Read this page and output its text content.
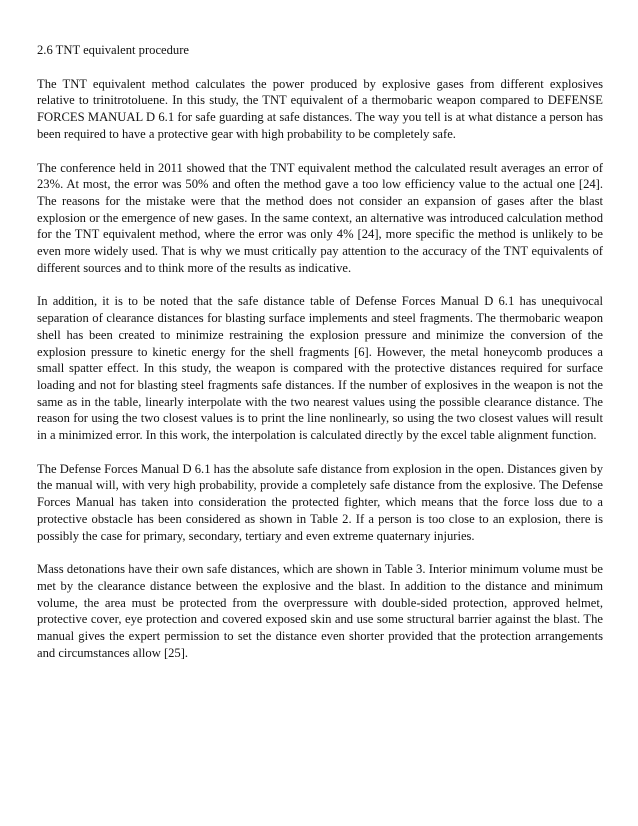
2.6 TNT equivalent procedure

The TNT equivalent method calculates the power produced by explosive gases from different explosives relative to trinitrotoluene. In this study, the TNT equivalent of a thermobaric weapon compared to DEFENSE FORCES MANUAL D 6.1 for safe guarding at safe distances. The way you tell is at what distance a person has been required to have a protective gear with high probability to be completely safe.

The conference held in 2011 showed that the TNT equivalent method the calculated result averages an error of 23%. At most, the error was 50% and often the method gave a too low efficiency value to the actual one [24]. The reasons for the mistake were that the method does not consider an expansion of gases after the blast explosion or the emergence of new gases. In the same context, an alternative was introduced calculation method for the TNT equivalent method, where the error was only 4% [24], more specific the method is unlikely to be even more widely used. That is why we must critically pay attention to the accuracy of the TNT equivalents of different sources and to think more of the results as indicative.

In addition, it is to be noted that the safe distance table of Defense Forces Manual D 6.1 has unequivocal separation of clearance distances for blasting surface implements and steel fragments. The thermobaric weapon shell has been created to minimize restraining the explosion pressure and minimize the conversion of the explosion pressure to kinetic energy for the shell fragments [6]. However, the metal honeycomb produces a small spatter effect. In this study, the weapon is compared with the protective distances required for surface loading and not for blasting steel fragments safe distances. If the number of explosives in the weapon is not the same as in the table, linearly interpolate with the two nearest values using the possible clearance distance. The reason for using the two closest values is to print the line nonlinearly, so using the two closest values will result in a minimized error. In this work, the interpolation is calculated directly by the excel table alignment function.

The Defense Forces Manual D 6.1 has the absolute safe distance from explosion in the open. Distances given by the manual will, with very high probability, provide a completely safe distance from the explosive. The Defense Forces Manual has taken into consideration the protected fighter, which means that the force loss due to a protective obstacle has been considered as shown in Table 2. If a person is too close to an explosion, there is possibly the case for primary, secondary, tertiary and even extreme quaternary injuries.

Mass detonations have their own safe distances, which are shown in Table 3. Interior minimum volume must be met by the clearance distance between the explosive and the blast. In addition to the distance and minimum volume, the area must be protected from the overpressure with double-sided protection, approved helmet, protective cover, eye protection and covered exposed skin and use some structural barrier against the blast. The manual gives the expert permission to set the distance even shorter provided that the protection arrangements and circumstances allow [25].
